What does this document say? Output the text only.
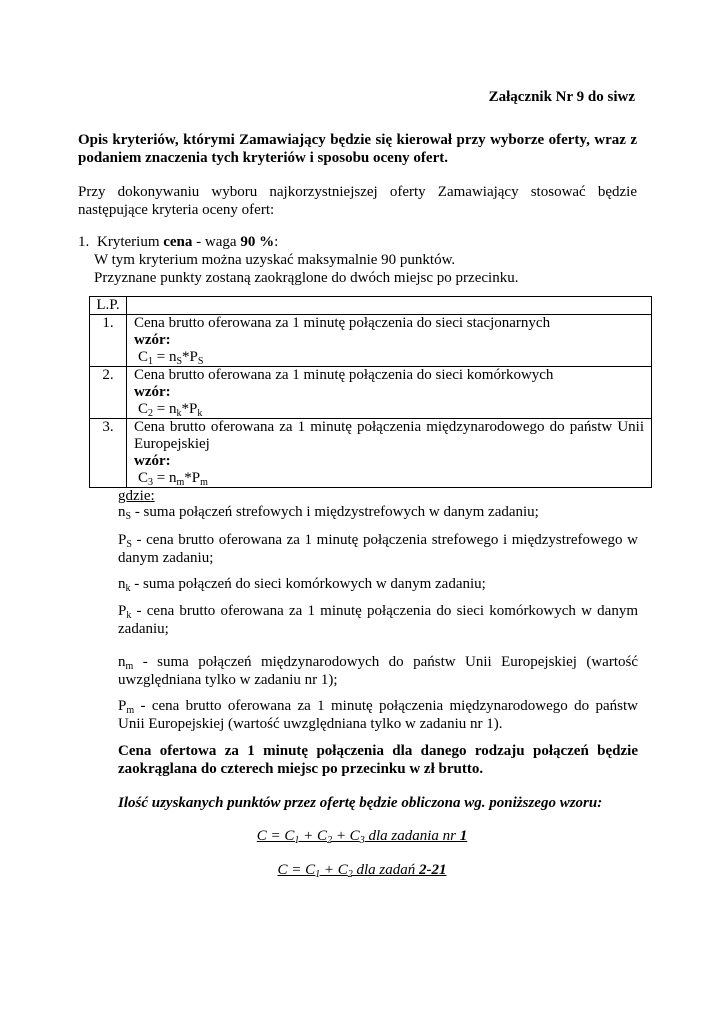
Załącznik Nr 9 do siwz
Opis kryteriów, którymi Zamawiający będzie się kierował przy wyborze oferty, wraz z podaniem znaczenia tych kryteriów i sposobu oceny ofert.
Przy dokonywaniu wyboru najkorzystniejszej oferty Zamawiający stosować będzie następujące kryteria oceny ofert:
1. Kryterium cena - waga 90 %:
W tym kryterium można uzyskać maksymalnie 90 punktów.
Przyznane punkty zostaną zaokrąglone do dwóch miejsc po przecinku.
L.P.	
1.	Cena brutto oferowana za 1 minutę połączenia do sieci stacjonarnych
wzór:
$C_1 = n_S*P_S$

2.	Cena brutto oferowana za 1 minutę połączenia do sieci komórkowych
wzór:
$C_2 = n_k*P_k$

3.	Cena brutto oferowana za 1 minutę połączenia międzynarodowego do państw Unii Europejskiej
wzór:
$C_3 = n_m*P_m$
gdzie:
$n_S$ - suma połączeń strefowych i międzystrefowych w danym zadaniu;
$P_S$ - cena brutto oferowana za 1 minutę połączenia strefowego i międzystrefowego w danym zadaniu;
$n_k$ - suma połączeń do sieci komórkowych w danym zadaniu;
$P_k$ - cena brutto oferowana za 1 minutę połączenia do sieci komórkowych w danym zadaniu;
$n_m$ - suma połączeń międzynarodowych do państw Unii Europejskiej (wartość uwzględniana tylko w zadaniu nr 1);
$P_m$ - cena brutto oferowana za 1 minutę połączenia międzynarodowego do państw Unii Europejskiej (wartość uwzględniana tylko w zadaniu nr 1).
Cena ofertowa za 1 minutę połączenia dla danego rodzaju połączeń będzie zaokrąglana do czterech miejsc po przecinku w zł brutto.
Ilość uzyskanych punktów przez ofertę będzie obliczona wg. poniższego wzoru:
$C = C_1 + C_2 + C_3$ dla zadania nr 1
$C = C_1 + C_2$ dla zadań 2-21
